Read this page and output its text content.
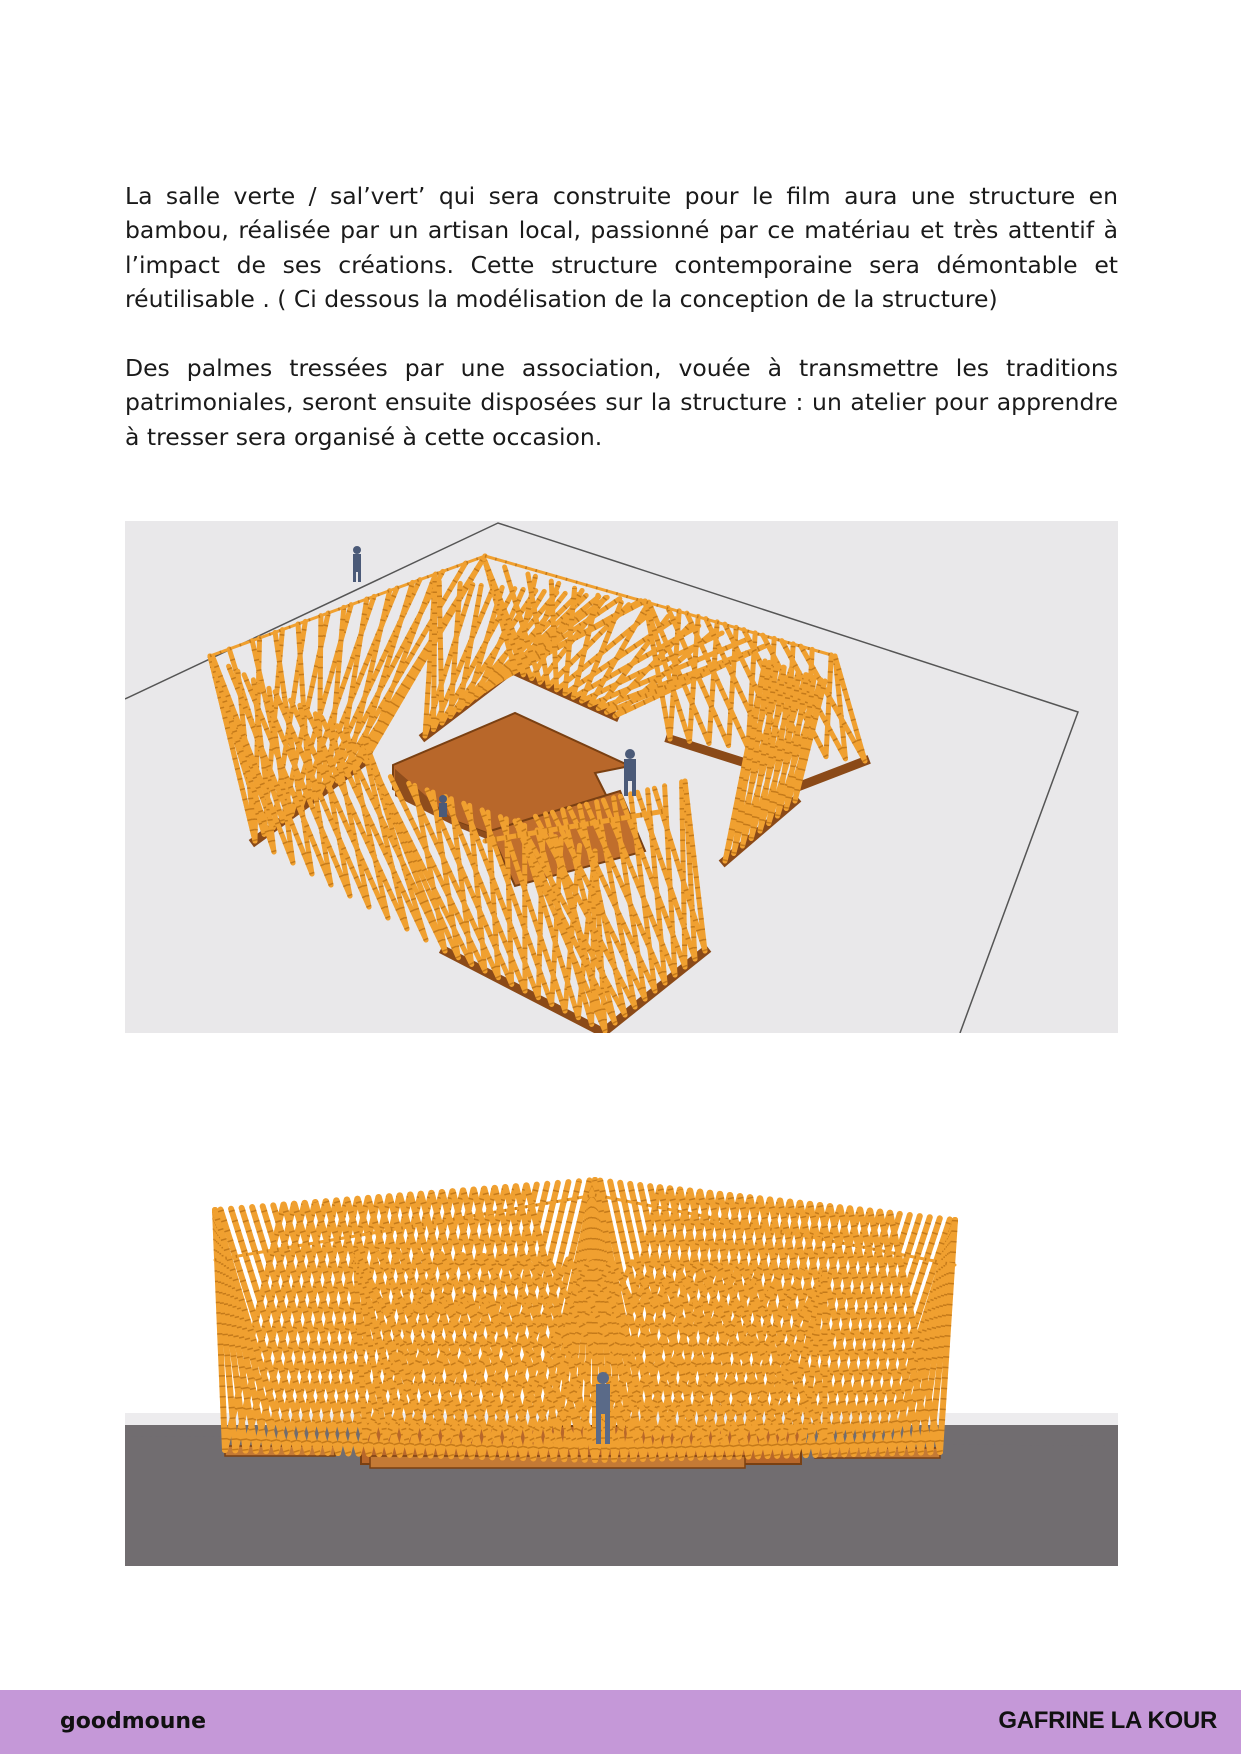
La salle verte / sal’vert’ qui sera construite pour le film aura une structure en bambou, réalisée par un artisan local, passionné par ce matériau et très attentif à l’impact de ses créations. Cette structure contemporaine sera démontable et réutilisable . ( Ci dessous la modélisation de la conception de la structure)

Des palmes tressées par une association, vouée à transmettre les traditions patrimoniales, seront ensuite disposées sur la structure : un atelier pour apprendre à tresser sera organisé à cette occasion.

goodmoune	GAFRINE LA KOUR
